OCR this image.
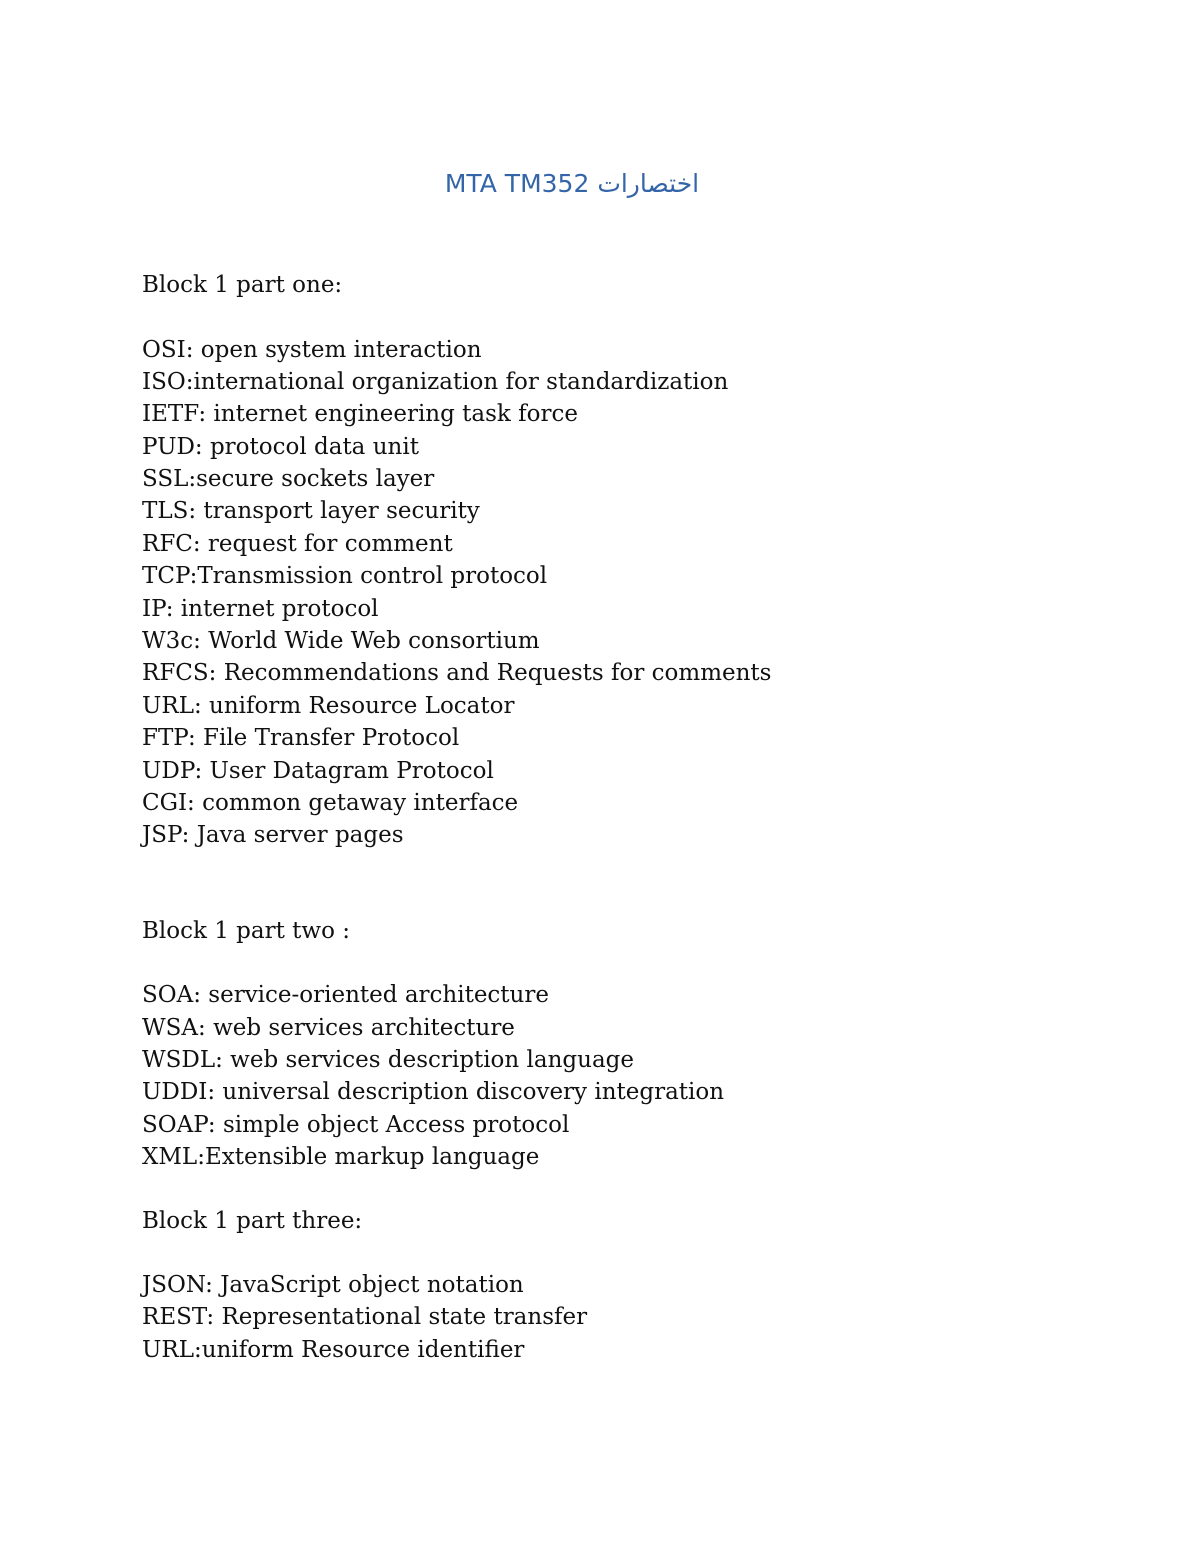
MTA TM352 اختصارات
Block 1 part one:
OSI: open system interaction
ISO:international organization for standardization
IETF: internet engineering task force
PUD: protocol data unit
SSL:secure sockets layer
TLS: transport layer security
RFC: request for comment
TCP:Transmission control protocol
IP: internet protocol
W3c: World Wide Web consortium
RFCS: Recommendations and Requests for comments
URL: uniform Resource Locator
FTP: File Transfer Protocol
UDP: User Datagram Protocol
CGI: common getaway interface
JSP: Java server pages
Block 1 part two :
SOA: service-oriented architecture
WSA: web services architecture
WSDL: web services description language
UDDI: universal description discovery integration
SOAP: simple object Access protocol
XML:Extensible markup language
Block 1 part three:
JSON: JavaScript object notation
REST: Representational state transfer
URL:uniform Resource identifier
